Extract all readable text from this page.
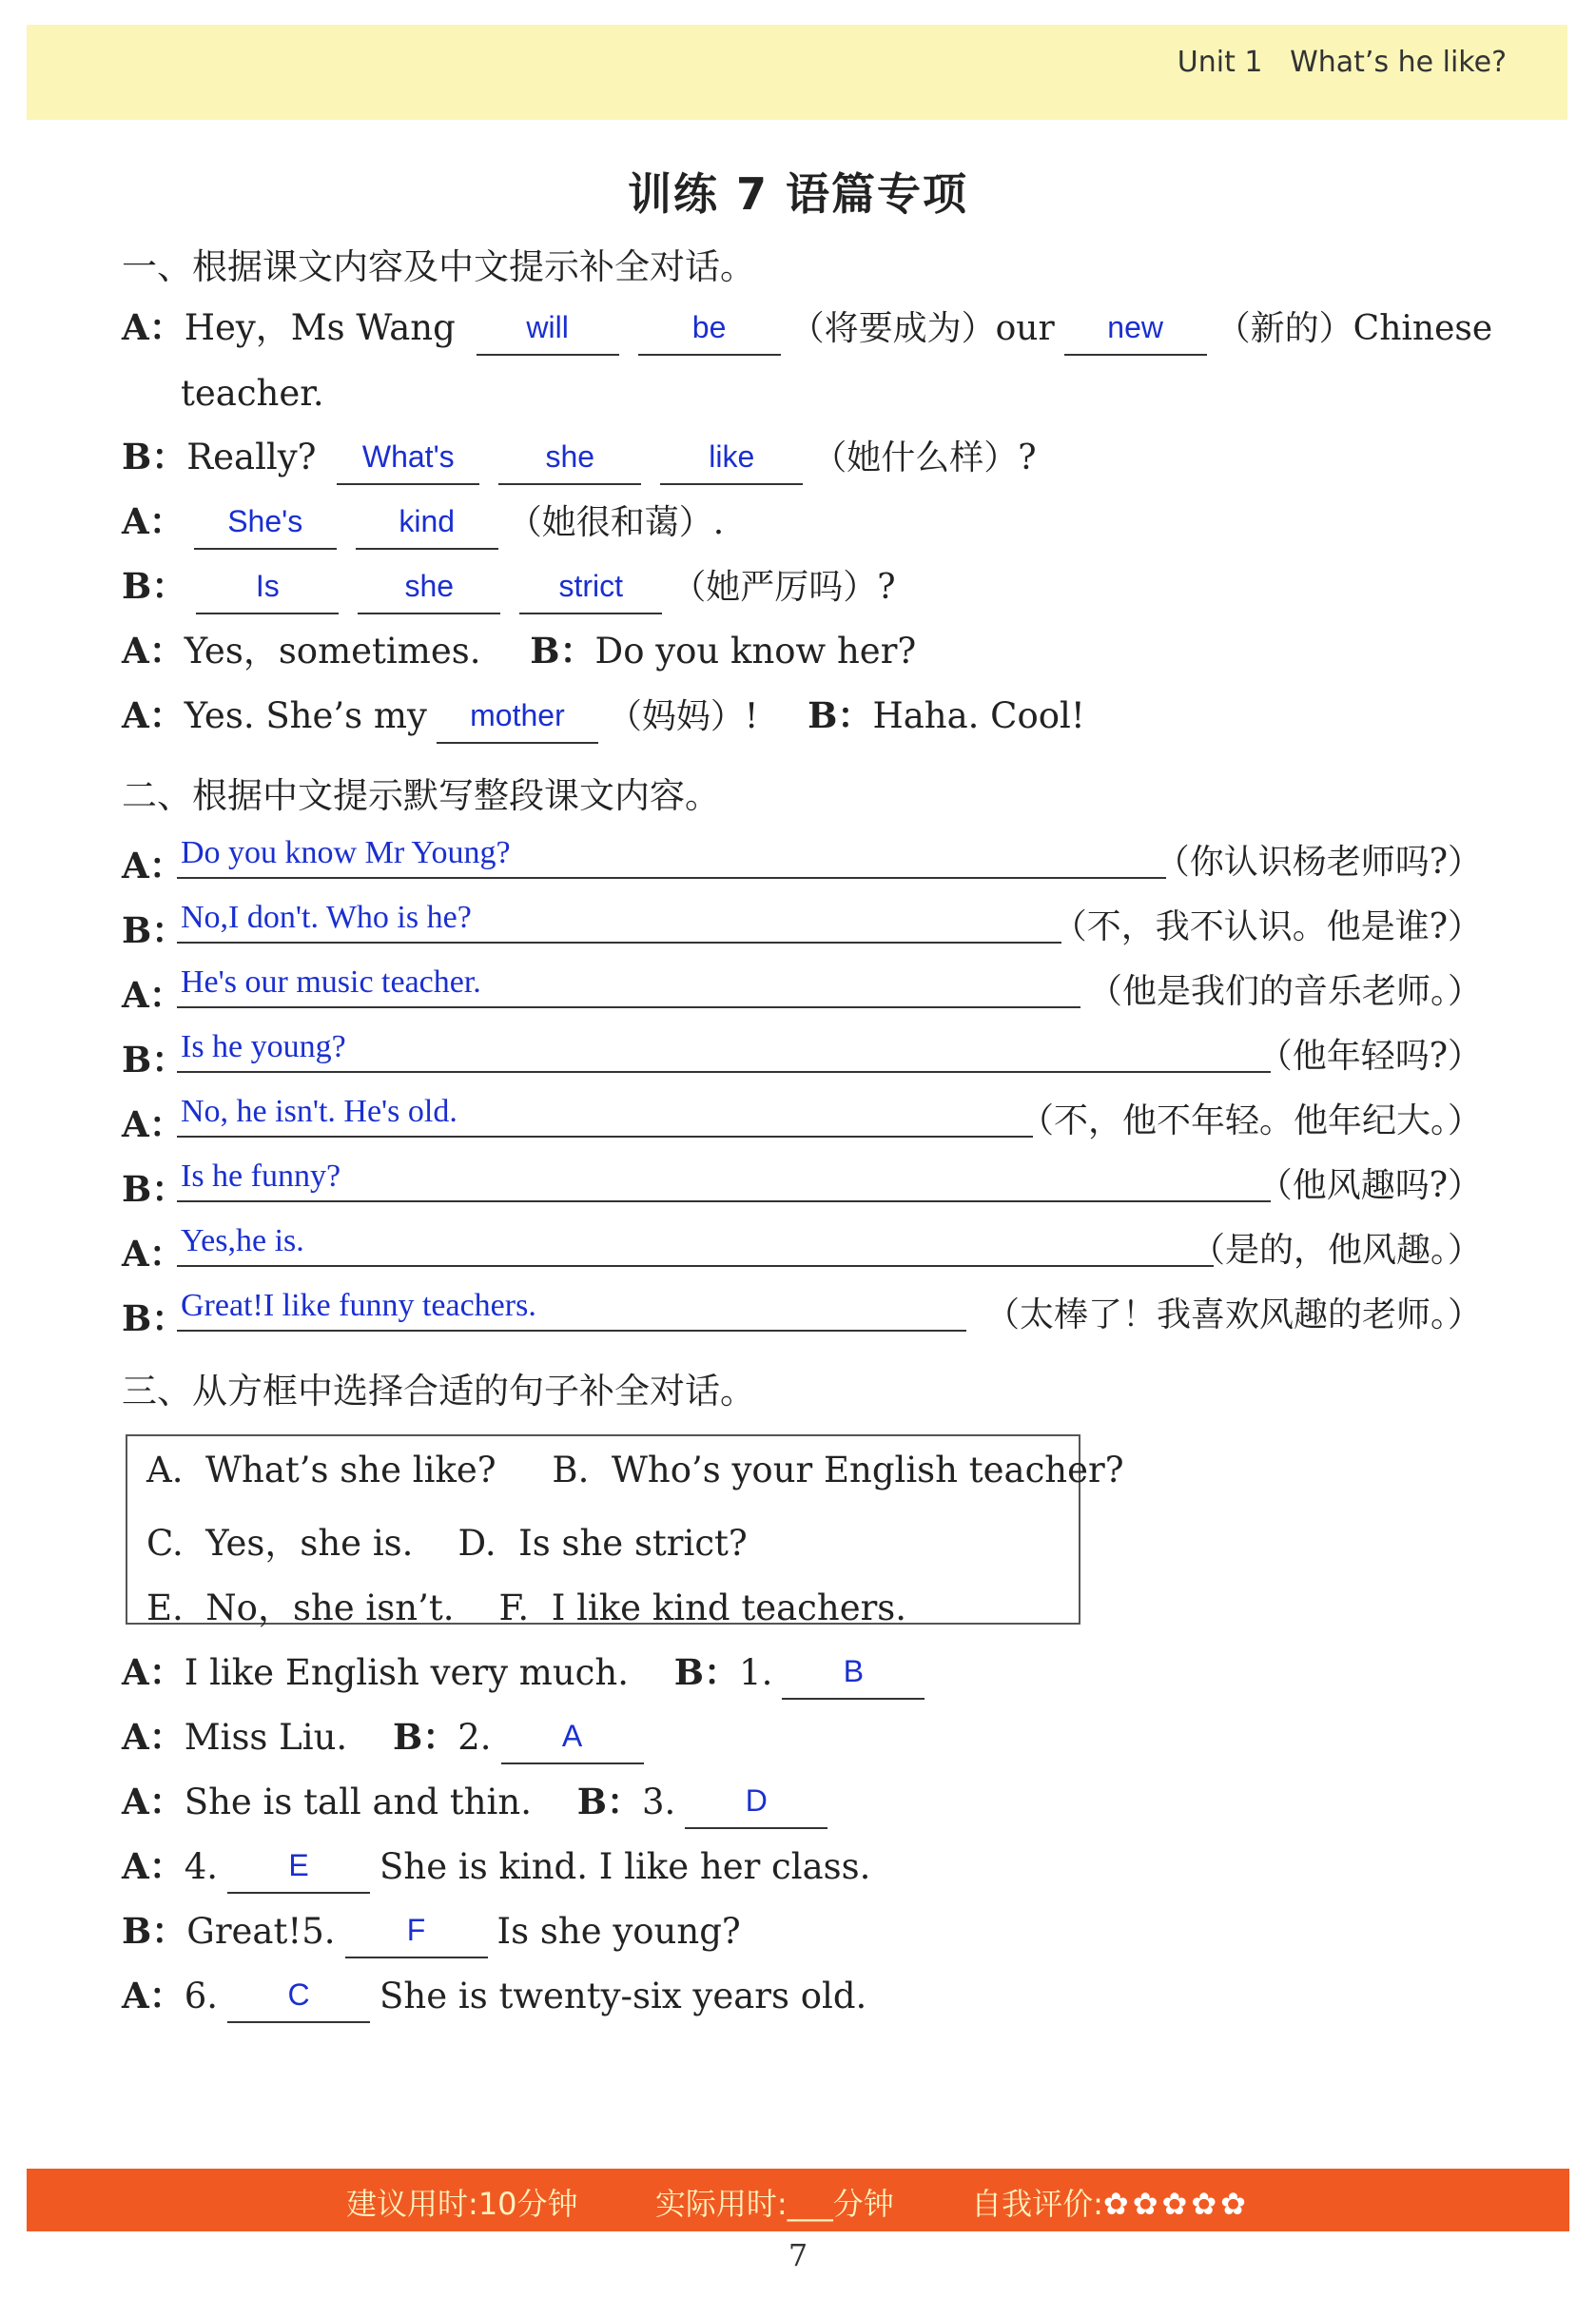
Unit 1 What’s he like?
训练 7 语篇专项
一、根据课文内容及中文提示补全对话。
A：Hey，Ms Wang	will	be	（将要成为）our	new	（新的）Chinese
teacher.
B：Really?	What's	she	like	（她什么样）?
A：	She's	kind	（她很和蔼）.
B：	Is	she	strict	（她严厉吗）?
A：Yes，sometimes. B：Do you know her?
A：Yes. She’s my	mother	（妈妈）! B：Haha. Cool!
二、根据中文提示默写整段课文内容。
A：
Do you know Mr Young?	（你认识杨老师吗?）
B：
No,I don't. Who is he?	（不，我不认识。他是谁?）
A：
He's our music teacher.	（他是我们的音乐老师。）
B：
Is he young?	（他年轻吗?）
A：
No, he isn't. He's old.	（不，他不年轻。他年纪大。）
B：
Is he funny?	（他风趣吗?）
A：
Yes,he is.	（是的，他风趣。）
B：
Great!I like funny teachers.	（太棒了！我喜欢风趣的老师。）
三、从方框中选择合适的句子补全对话。
A.  What’s she like?     B.  Who’s your English teacher?
C.  Yes，she is.    D.  Is she strict?
E.  No，she isn’t.    F.  I like kind teachers.
A：I like English very much. B：1.	B
A：Miss Liu. B：2.	A
A：She is tall and thin. B：3.	D
A：4.	E	She is kind. I like her class.
B：Great!5.	F	Is she young?
A：6.	C	She is twenty-six years old.
建议用时:10分钟	实际用时:___分钟	自我评价:✿✿✿✿✿
7
